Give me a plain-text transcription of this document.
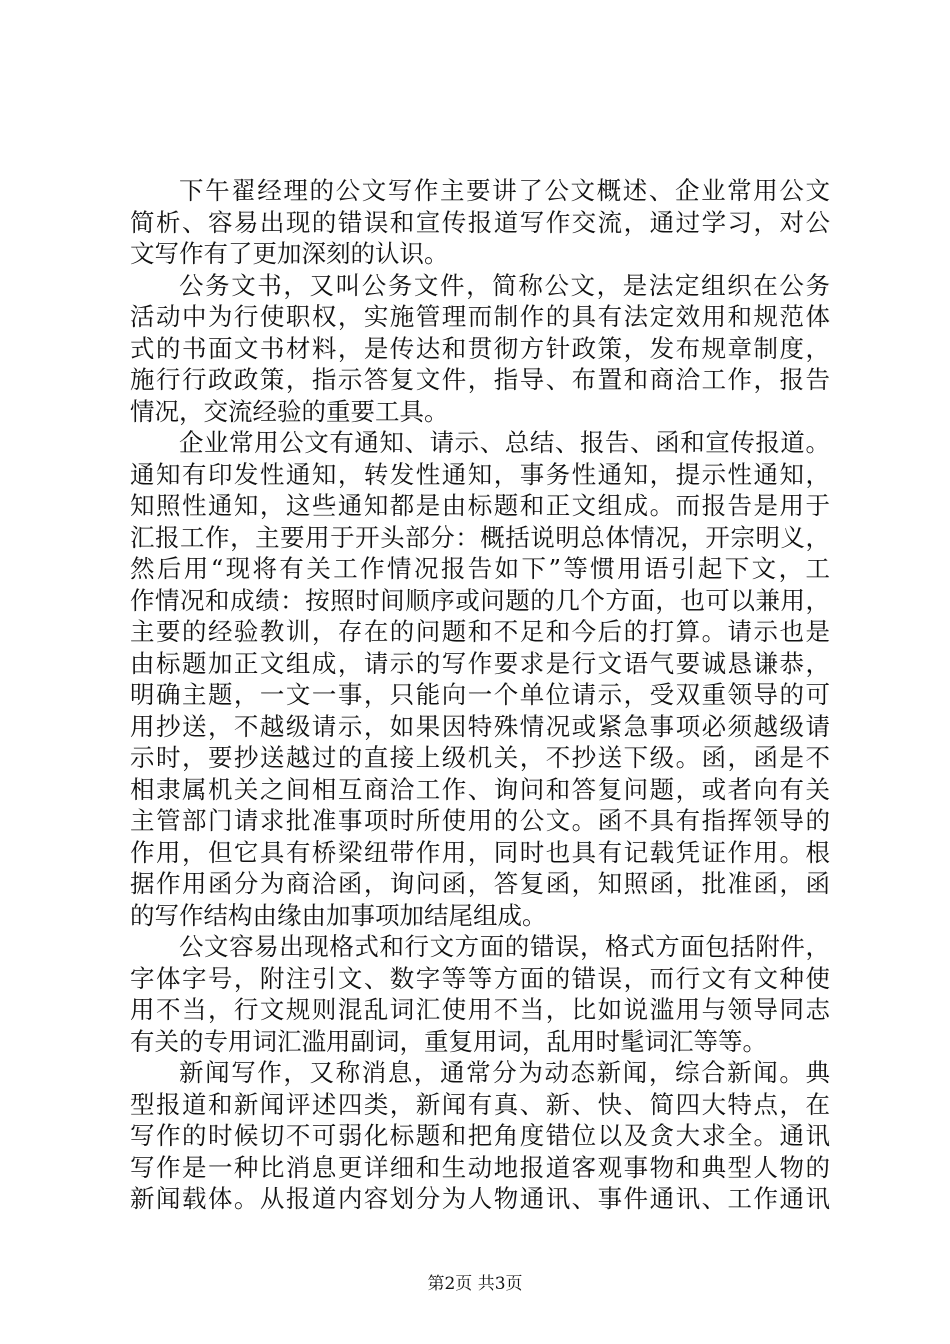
下午翟经理的公文写作主要讲了公文概述、企业常用公文
简析、容易出现的错误和宣传报道写作交流，通过学习，对公
文写作有了更加深刻的认识。
公务文书，又叫公务文件，简称公文，是法定组织在公务
活动中为行使职权，实施管理而制作的具有法定效用和规范体
式的书面文书材料，是传达和贯彻方针政策，发布规章制度，
施行行政政策，指示答复文件，指导、布置和商洽工作，报告
情况，交流经验的重要工具。
企业常用公文有通知、请示、总结、报告、函和宣传报道。
通知有印发性通知，转发性通知，事务性通知，提示性通知，
知照性通知，这些通知都是由标题和正文组成。而报告是用于
汇报工作，主要用于开头部分：概括说明总体情况，开宗明义，
然后用“现将有关工作情况报告如下”等惯用语引起下文，工
作情况和成绩：按照时间顺序或问题的几个方面，也可以兼用，
主要的经验教训，存在的问题和不足和今后的打算。请示也是
由标题加正文组成，请示的写作要求是行文语气要诚恳谦恭，
明确主题，一文一事，只能向一个单位请示，受双重领导的可
用抄送，不越级请示，如果因特殊情况或紧急事项必须越级请
示时，要抄送越过的直接上级机关，不抄送下级。函，函是不
相隶属机关之间相互商洽工作、询问和答复问题，或者向有关
主管部门请求批准事项时所使用的公文。函不具有指挥领导的
作用，但它具有桥梁纽带作用，同时也具有记载凭证作用。根
据作用函分为商洽函，询问函，答复函，知照函，批准函，函
的写作结构由缘由加事项加结尾组成。
公文容易出现格式和行文方面的错误，格式方面包括附件，
字体字号，附注引文、数字等等方面的错误，而行文有文种使
用不当，行文规则混乱词汇使用不当，比如说滥用与领导同志
有关的专用词汇滥用副词，重复用词，乱用时髦词汇等等。
新闻写作，又称消息，通常分为动态新闻，综合新闻。典
型报道和新闻评述四类，新闻有真、新、快、简四大特点，在
写作的时候切不可弱化标题和把角度错位以及贪大求全。通讯
写作是一种比消息更详细和生动地报道客观事物和典型人物的
新闻载体。从报道内容划分为人物通讯、事件通讯、工作通讯
第2页 共3页
